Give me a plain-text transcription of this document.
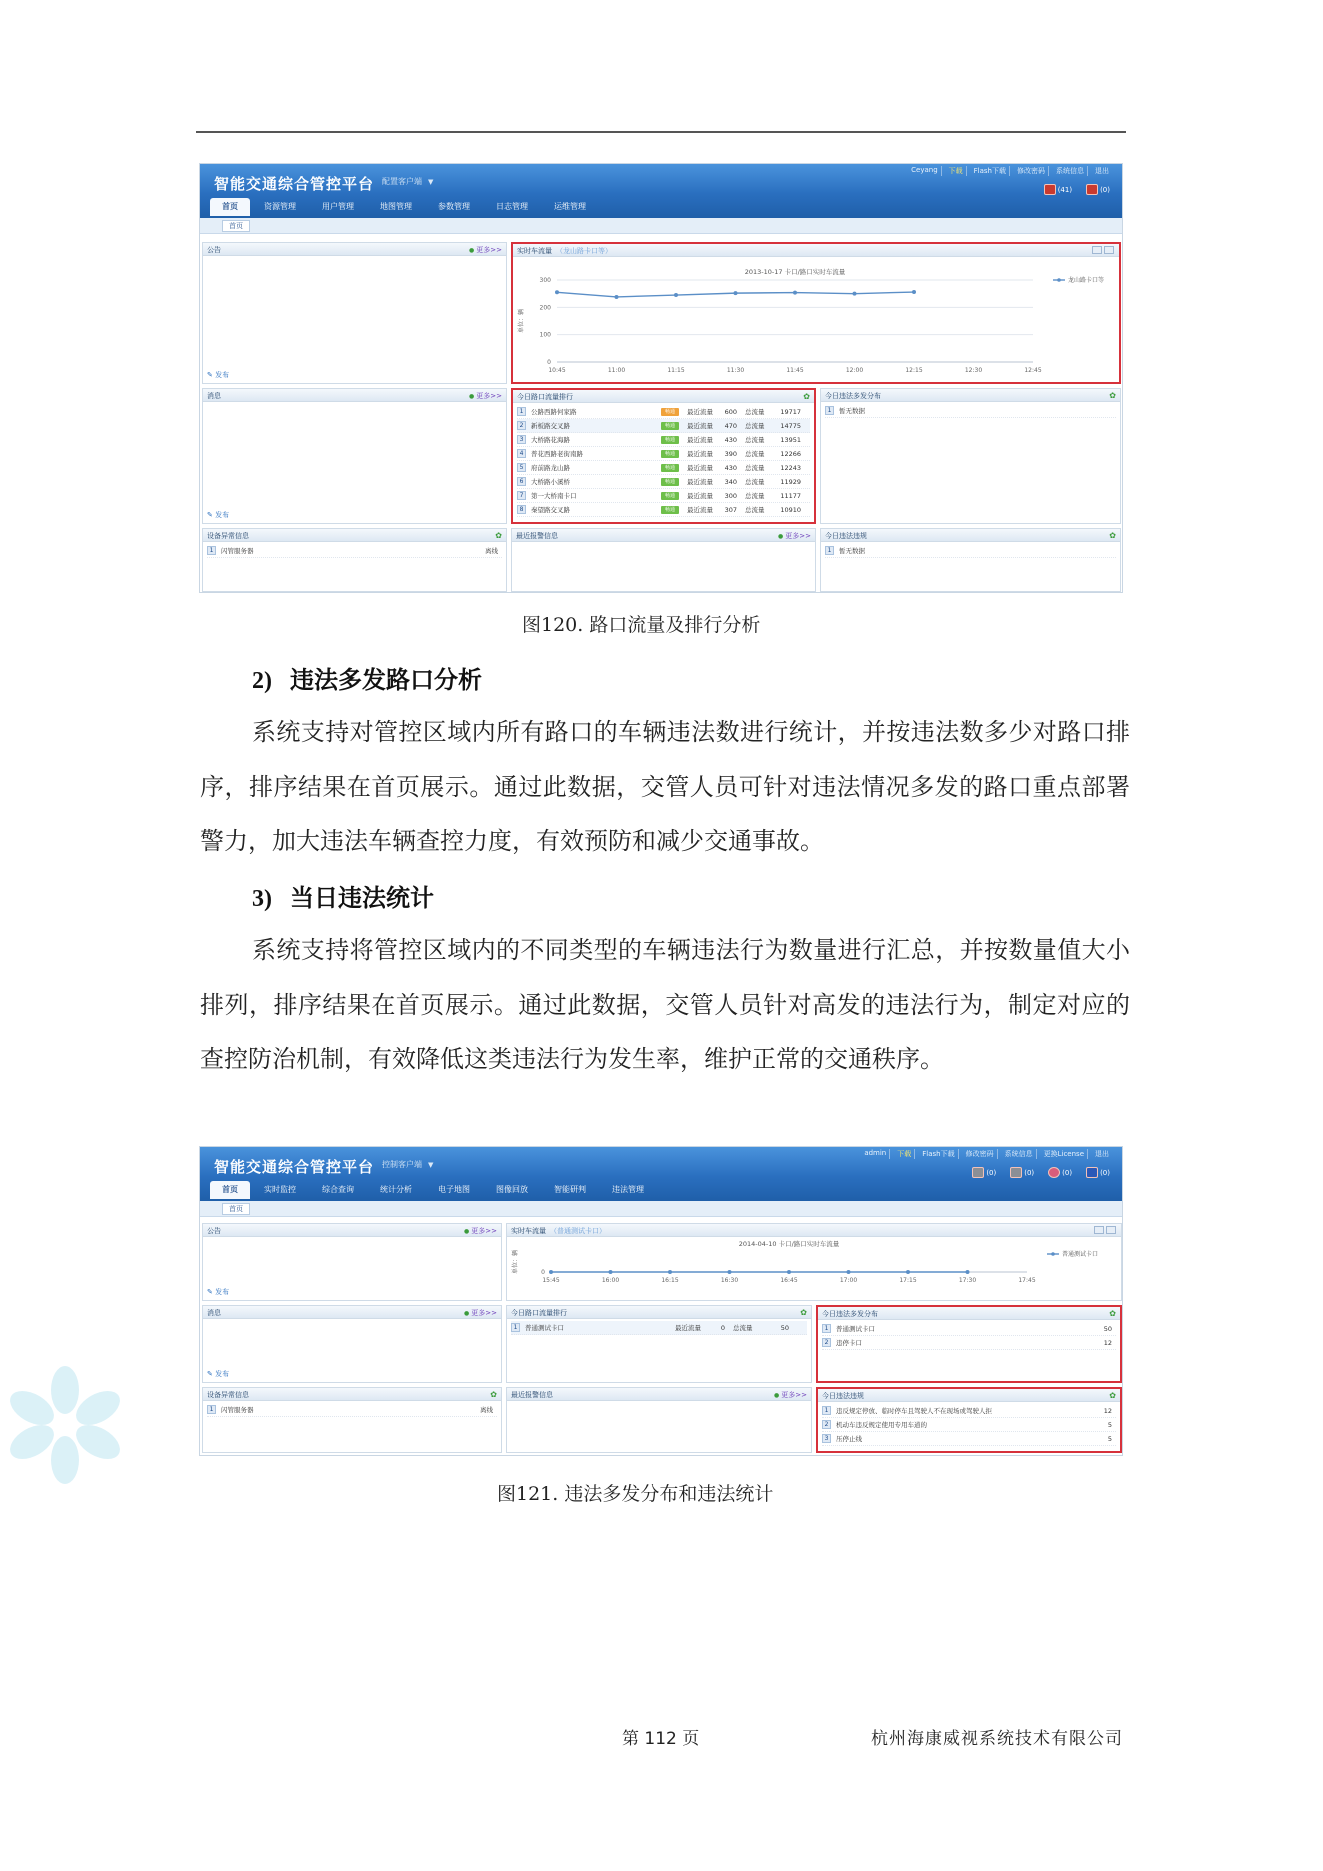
智能交通综合管控平台 配置客户端 ▼
Ceyang	下载	Flash下载	修改密码	系统信息	退出
(41)	(0)
首页	资源管理	用户管理	地图管理	参数管理	日志管理	运维管理
首页
公告	● 更多>>
✎ 发布
实时车流量 （龙山路卡口等）
2013-10-17 卡口/路口实时车流量
0
100
200
300
10:45	11:00	11:15	11:30	11:45	12:00	12:15	12:30	12:45
单位：辆
龙山路卡口等
消息	● 更多>>
✎ 发布
今日路口流量排行	✿
1	公路西路何家路	畅通	最近流量	600 总流量	19717
2	新板路交叉路	畅通	最近流量	470 总流量	14775
3	大桥路花海路	畅通	最近流量	430 总流量	13951
4	普花西路老街南路	畅通	最近流量	390 总流量	12266
5	府前路龙山路	畅通	最近流量	430 总流量	12243
6	大桥路小溪桥	畅通	最近流量	340 总流量	11929
7	第一大桥南卡口	畅通	最近流量	300 总流量	11177
8	秦望路交叉路	畅通	最近流量	307 总流量	10910
今日违法多发分布	✿
1	暂无数据
设备异常信息	✿
1	闪管服务器	离线
最近报警信息	● 更多>>	今日违法违规	✿
1	暂无数据
图120. 路口流量及排行分析
2) 违法多发路口分析
系统支持对管控区域内所有路口的车辆违法数进行统计，并按违法数多少对路口排序，排序结果在首页展示。通过此数据，交管人员可针对违法情况多发的路口重点部署警力，加大违法车辆查控力度，有效预防和减少交通事故。
3) 当日违法统计
系统支持将管控区域内的不同类型的车辆违法行为数量进行汇总，并按数量值大小排列，排序结果在首页展示。通过此数据，交管人员针对高发的违法行为，制定对应的查控防治机制，有效降低这类违法行为发生率，维护正常的交通秩序。
智能交通综合管控平台 控制客户端 ▼
admin	下载	Flash下载	修改密码	系统信息	更换License	退出
(0)	(0)	(0)	(0)
首页	实时监控	综合查询	统计分析	电子地图	图像回放	智能研判	违法管理
首页
公告	● 更多>>
✎ 发布
实时车流量 （普通测试卡口）
2014-04-10 卡口/路口实时车流量
0
15:45	16:00	16:15	16:30	16:45	17:00	17:15	17:30	17:45
单位：辆	普通测试卡口
消息	● 更多>>
✎ 发布
今日路口流量排行	✿
1	普通测试卡口	最近流量	0 总流量	50
今日违法多发分布	✿
1	普通测试卡口	50
2	违停卡口	12
设备异常信息	✿
1	闪管服务器	离线
最近报警信息	● 更多>>	今日违法违规	✿
1	违反规定停放、临时停车且驾驶人不在现场或驾驶人拒	12
2	机动车违反规定使用专用车道的	5
3	压停止线	5
图121. 违法多发分布和违法统计
第 112 页	杭州海康威视系统技术有限公司
